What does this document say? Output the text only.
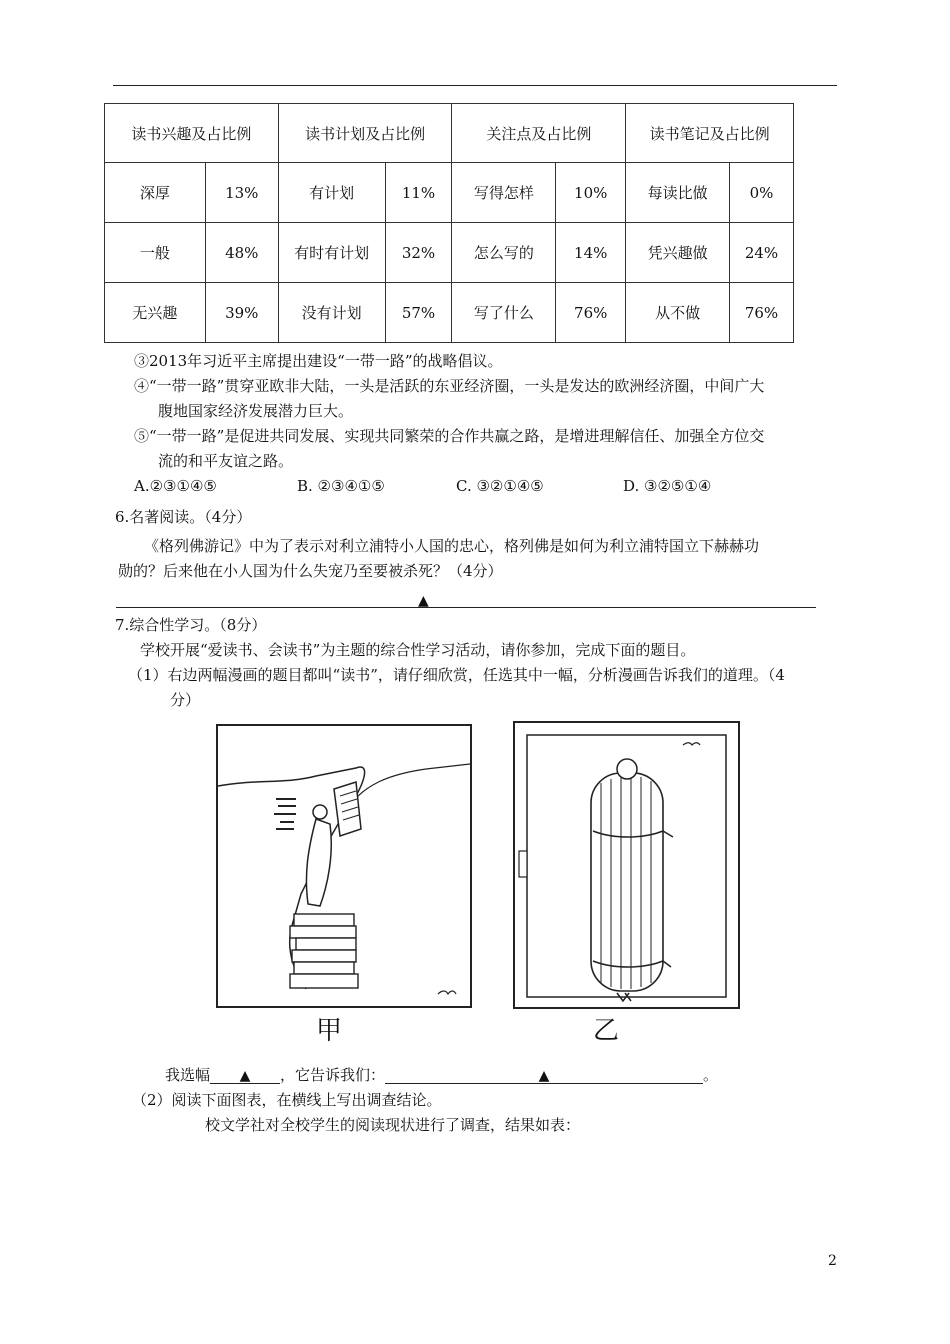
读书兴趣及占比例		读书计划及占比例		关注点及占比例		读书笔记及占比例	
深厚	13%	有计划	11%	写得怎样	10%	每读比做	0%
一般	48%	有时有计划	32%	怎么写的	14%	凭兴趣做	24%
无兴趣	39%	没有计划	57%	写了什么	76%	从不做	76%
③2013年习近平主席提出建设“一带一路”的战略倡议。
④“一带一路”贯穿亚欧非大陆，一头是活跃的东亚经济圈，一头是发达的欧洲经济圈，中间广大
腹地国家经济发展潜力巨大。
⑤“一带一路”是促进共同发展、实现共同繁荣的合作共赢之路，是增进理解信任、加强全方位交
流的和平友谊之路。
A.②③①④⑤	B. ②③④①⑤	C. ③②①④⑤	D. ③②⑤①④
6.名著阅读。（4分）
《格列佛游记》中为了表示对利立浦特小人国的忠心，格列佛是如何为利立浦特国立下赫赫功
勋的？后来他在小人国为什么失宠乃至要被杀死？（4分）
▲
7.综合性学习。（8分）
学校开展“爱读书、会读书”为主题的综合性学习活动，请你参加，完成下面的题目。
（1）右边两幅漫画的题目都叫“读书”，请仔细欣赏，任选其中一幅，分析漫画告诉我们的道理。（4
分）
甲	乙
我选幅 ▲ ，它告诉我们：	▲	。
（2）阅读下面图表，在横线上写出调查结论。
校文学社对全校学生的阅读现状进行了调查，结果如表：
2
